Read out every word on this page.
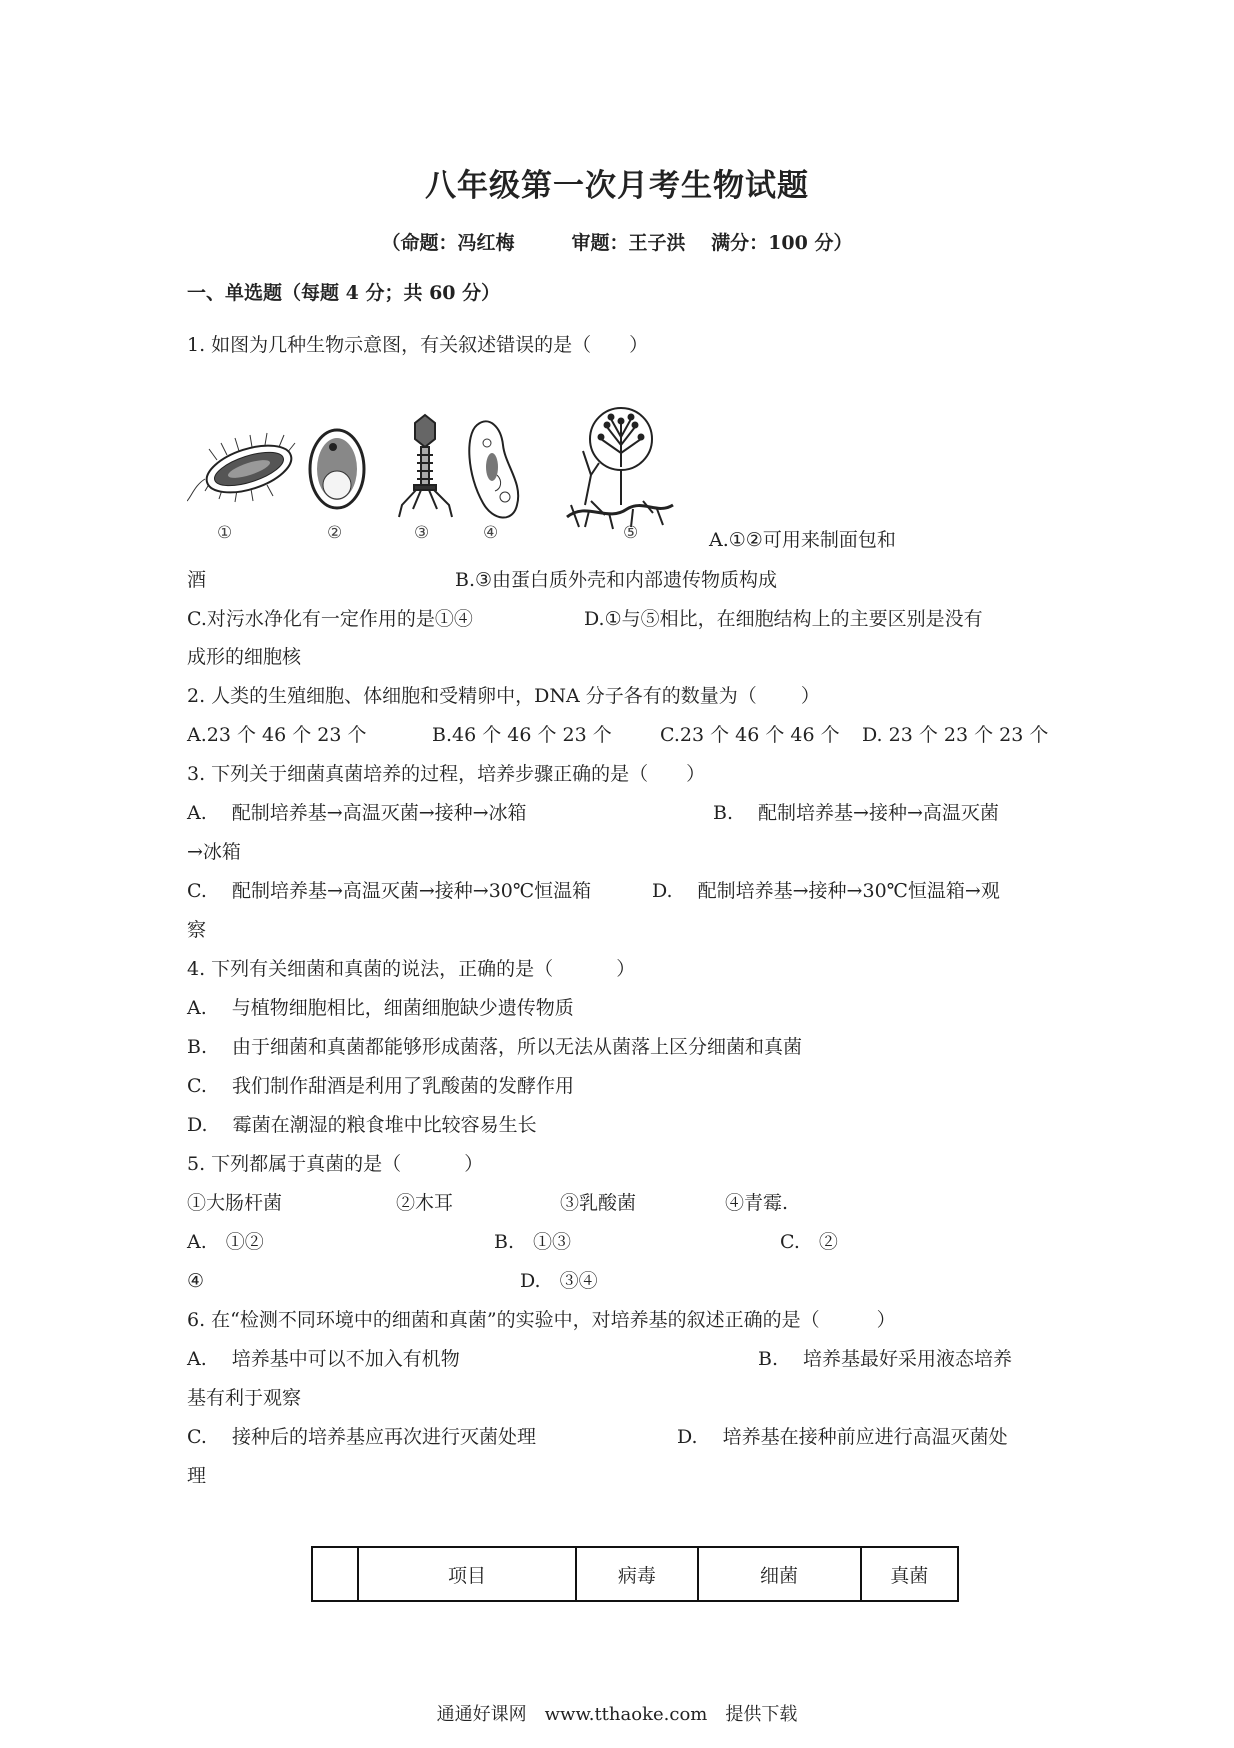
八年级第一次月考生物试题
（命题：冯红梅　　　审题：王子洪　 满分：100 分）
一、单选题（每题 4 分；共 60 分）
1. 如图为几种生物示意图，有关叙述错误的是（　　）
①	②	③	④	⑤	A.①②可用来制面包和
酒	B.③由蛋白质外壳和内部遗传物质构成
C.对污水净化有一定作用的是①④	D.①与⑤相比，在细胞结构上的主要区别是没有
成形的细胞核
2. 人类的生殖细胞、体细胞和受精卵中，DNA 分子各有的数量为（　　 ）
A.23 个 46 个 23 个	B.46 个 46 个 23 个	C.23 个 46 个 46 个 D. 23 个 23 个 23 个
3. 下列关于细菌真菌培养的过程，培养步骤正确的是（　　）
A.　 配制培养基→高温灭菌→接种→冰箱	B.　 配制培养基→接种→高温灭菌
→冰箱
C.　 配制培养基→高温灭菌→接种→30℃恒温箱	D.　 配制培养基→接种→30℃恒温箱→观
察
4. 下列有关细菌和真菌的说法，正确的是（　　　 ）
A.　 与植物细胞相比，细菌细胞缺少遗传物质
B.　 由于细菌和真菌都能够形成菌落，所以无法从菌落上区分细菌和真菌
C.　 我们制作甜酒是利用了乳酸菌的发酵作用
D.　 霉菌在潮湿的粮食堆中比较容易生长
5. 下列都属于真菌的是（　　　 ）
①大肠杆菌	②木耳	③乳酸菌	④青霉.
A.　①②	B.　①③	C.　②
④	D.　③④
6. 在“检测不同环境中的细菌和真菌”的实验中，对培养基的叙述正确的是（　　　）
A.　 培养基中可以不加入有机物	B.　 培养基最好采用液态培养
基有利于观察
C.　 接种后的培养基应再次进行灭菌处理	D.　 培养基在接种前应进行高温灭菌处
理
	项目	病毒	细菌	真菌
通通好课网　www.tthaoke.com　提供下载
